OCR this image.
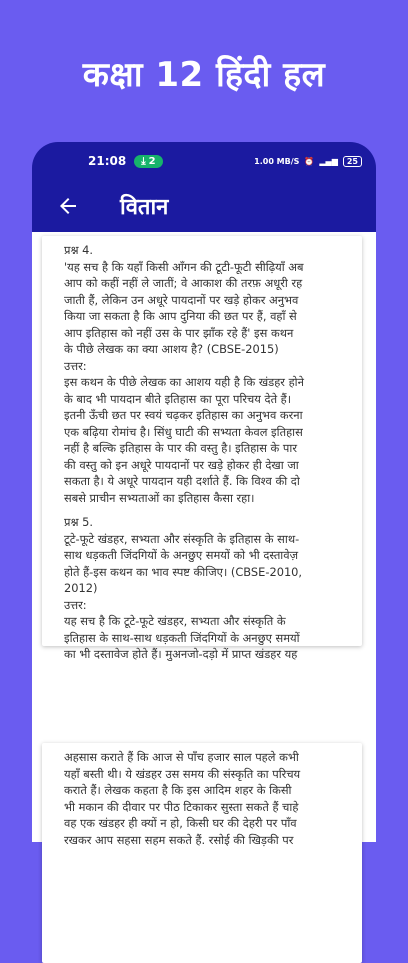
कक्षा 12 हिंदी हल
21:08 ⤓ 2	1.00 MB/S ⏰ ▂▄▆	25
वितान
प्रश्न 4.
'यह सच है कि यहाँ किसी आँगन की टूटी-फूटी सीढ़ियाँ अब
आप को कहीं नहीं ले जातीं; वे आकाश की तरफ़ अधूरी रह
जाती हैं, लेकिन उन अधूरे पायदानों पर खड़े होकर अनुभव
किया जा सकता है कि आप दुनिया की छत पर हैं, वहाँ से
आप इतिहास को नहीं उस के पार झाँक रहे हैं' इस कथन
के पीछे लेखक का क्या आशय है? (CBSE-2015)
उत्तर:
इस कथन के पीछे लेखक का आशय यही है कि खंडहर होने
के बाद भी पायदान बीते इतिहास का पूरा परिचय देते हैं।
इतनी ऊँची छत पर स्वयं चढ़कर इतिहास का अनुभव करना
एक बढ़िया रोमांच है। सिंधु घाटी की सभ्यता केवल इतिहास
नहीं है बल्कि इतिहास के पार की वस्तु है। इतिहास के पार
की वस्तु को इन अधूरे पायदानों पर खड़े होकर ही देखा जा
सकता है। ये अधूरे पायदान यही दर्शाते हैं. कि विश्व की दो
सबसे प्राचीन सभ्यताओं का इतिहास कैसा रहा।
प्रश्न 5.
टूटे-फूटे खंडहर, सभ्यता और संस्कृति के इतिहास के साथ-
साथ धड़कती जिंदगियों के अनछुए समयों को भी दस्तावेज़
होते हैं-इस कथन का भाव स्पष्ट कीजिए। (CBSE-2010,
2012)
उत्तर:
यह सच है कि टूटे-फूटे खंडहर, सभ्यता और संस्कृति के
इतिहास के साथ-साथ धड़कती जिंदगियों के अनछुए समयों
का भी दस्तावेज होते हैं। मुअनजो-दड़ो में प्राप्त खंडहर यह
अहसास कराते हैं कि आज से पाँच हजार साल पहले कभी
यहाँ बस्ती थी। ये खंडहर उस समय की संस्कृति का परिचय
कराते हैं। लेखक कहता है कि इस आदिम शहर के किसी
भी मकान की दीवार पर पीठ टिकाकर सुस्ता सकते हैं चाहे
वह एक खंडहर ही क्यों न हो, किसी घर की देहरी पर पाँव
रखकर आप सहसा सहम सकते हैं. रसोई की खिड़की पर
